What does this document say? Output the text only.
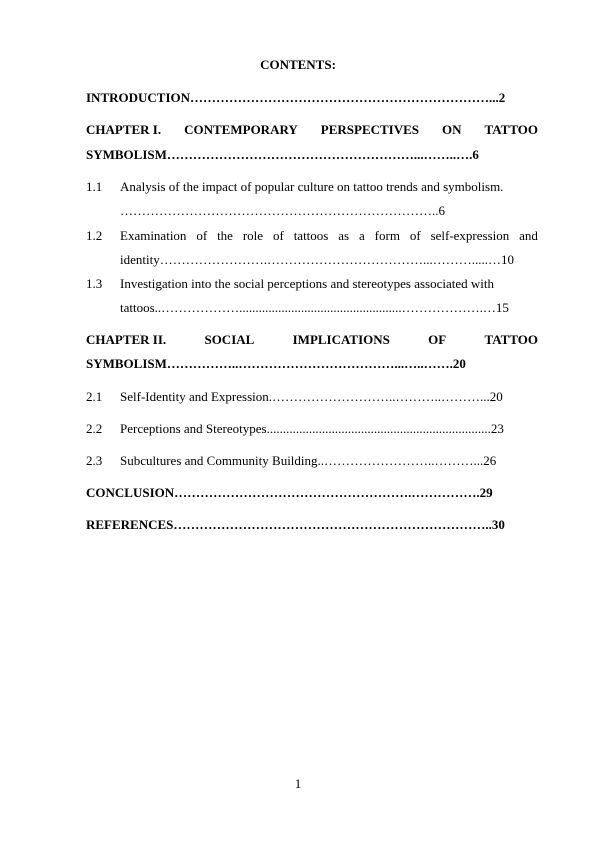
CONTENTS:
INTRODUCTION……………………………………………………………...2
CHAPTER I. CONTEMPORARY PERSPECTIVES ON TATTOO
SYMBOLISM…………………………………………………...……..….6
1.1 Analysis of the impact of popular culture on tattoo trends and symbolism.
………………………………………………………………..6
1.2 Examination of the role of tattoos as a form of self-expression and
identity…………………….………………………………...……….....…10
1.3 Investigation into the social perceptions and stereotypes associated with
tattoos..………………..................................................……………….…15
CHAPTER II.	SOCIAL	IMPLICATIONS	OF	TATTOO
SYMBOLISM……………..………………………………...…..…….20
2.1 Self-Identity and Expression.………………………..………..………...20
2.2 Perceptions and Stereotypes.....................................................................23
2.3 Subcultures and Community Building..……………………..………...26
CONCLUSION……………………………………………….…………….29
REFERENCES………………………………………………………………..30
1
